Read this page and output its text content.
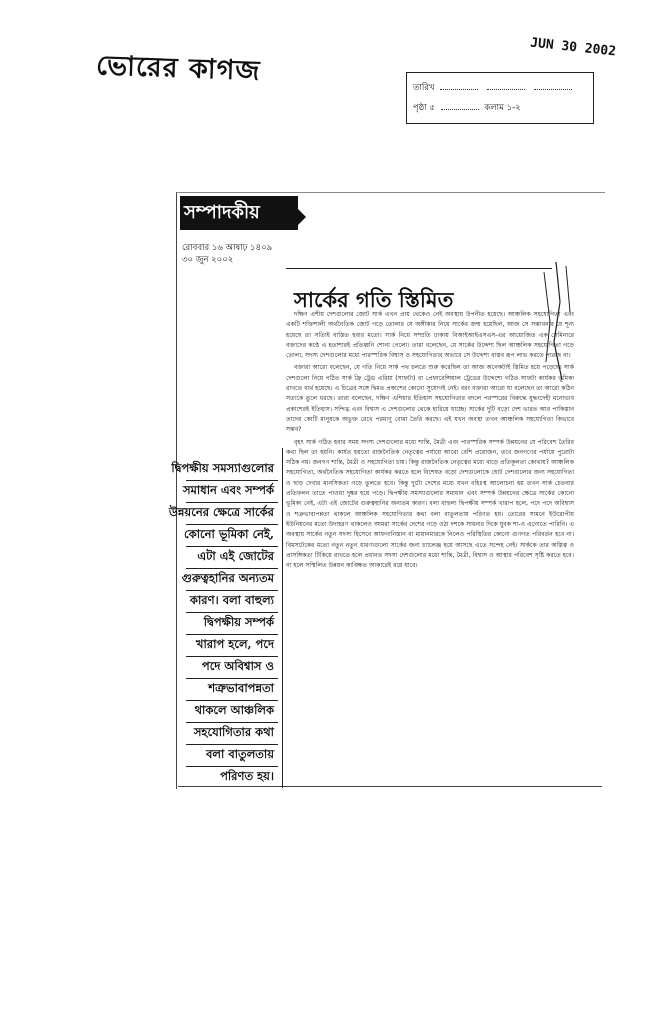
ভোরের কাগজ
JUN 30 2002
তারিখ
পৃষ্ঠা ৫	কলাম ১-২
সম্পাদকীয়
রোববার ১৬ আষাঢ় ১৪০৯
৩০ জুন ২০০২
সার্কের গতি স্তিমিত

দক্ষিণ এশীয় দেশগুলোর জোট সার্ক এখন প্রায় থেকেও নেই অবস্থায় উপনীত হয়েছে। আঞ্চলিক সহযোগিতা এবং একটি শক্তিশালী অর্থনৈতিক জোট গড়ে তোলার যে অঙ্গীকার নিয়ে সার্কের জন্ম হয়েছিল, আজ সে সম্ভাবনার যে শূন্য হয়েছে তা সত্যিই বাস্তিত হবার মতো। সার্ক নিয়ে সম্প্রতি ঢাকায় বিআইআইএসএস-এর আয়োজিত এক সেমিনারে বক্তাদের কণ্ঠে এ হতাশারই প্রতিধ্বনি শোনা গেলো। তারা বলেছেন, যে সার্কের উদ্দেশ্য ছিল আঞ্চলিক সহযোগিতা গড়ে তোলা, সদস্য দেশগুলোর মধ্যে পারস্পরিক বিশ্বাস ও সহযোগিতার অভাবে সে উদ্দেশ্য বাস্তব রূপ লাভ করতে পারছে না।

বক্তারা আরো বলেছেন, যে গতি নিয়ে সার্ক পথ চলতে শুরু করেছিল তা আজ অনেকটাই স্তিমিত হয়ে পড়েছে। সার্ক দেশগুলো নিয়ে গঠিত সার্ক ফ্রি ট্রেড এরিয়া (সাফটা) বা প্রেফারেন্সিয়াল ট্রেডের উদ্দেশ্যে গঠিত সাফটা কার্যকর ভূমিকা রাখতে ব্যর্থ হয়েছে। এ চিত্রের সঙ্গে দ্বিমত প্রকাশের কোনো সুযোগই নেই। বরং বক্তারা আরো যা বলেছেন তা আরো কঠিন সত্যকে তুলে ধরছে। তারা বলেছেন, দক্ষিণ এশিয়ার ইতিহাস সহযোগিতার বদলে পরস্পরের বিরুদ্ধে যুদ্ধংদেহী মনোভাব প্রকাশেরই ইতিহাস। সন্দিগ্ধ এবং বিশ্বাস এ দেশগুলোর থেকে হারিয়ে যাচ্ছে। সার্কের দুটি বড়ো দেশ ভারত আর পাকিস্তান তাদের কোটি মানুষকে অভুক্ত রেখে পরমাণু বোমা তৈরি করছে। এই যখন অবস্থা তখন আঞ্চলিক সহযোগিতা কিভাবে সম্ভব?

বৃহৎ সার্ক গঠিত হবার সময় সদস্য দেশগুলোর মধ্যে শান্তি, মৈত্রী এবং পারস্পরিক সম্পর্ক উন্নয়নের যে পরিবেশ তৈরির কথা ছিল তা হয়নি। কার্যত হয়তো রাজনৈতিক নেতৃত্বের পর্যায়ে আরো বেশি প্রয়োজন, তবে জনগণের পর্যায়ে পুরোটা সঠিক নয়। জনগণ শান্তি, মৈত্রী ও সহযোগিতা চায়। কিন্তু রাজনৈতিক নেতৃত্বের মধ্যে বাড়ে প্রতিকূলতা কোথায়? আঞ্চলিক সহযোগিতা, অর্থনৈতিক সহযোগিতা কার্যকর করতে হলে বিশেষত বড়ো দেশগুলোকে ছোট দেশগুলোর জন্য সহযোগিতা ও ছাড় দেবার মানসিকতা গড়ে তুলতে হবে। কিন্তু দুটো দেশের মধ্যে যখন বহিঃস্থ আলোচনা হয় তখন সার্ক চেতনার প্রতিফলন তাতে পাওয়া দুষ্কর হয়ে পড়ে। দ্বিপক্ষীয় সমস্যাগুলোর সমাধান এবং সম্পর্ক উন্নয়নের ক্ষেত্রে সার্কের কোনো ভূমিকা নেই, এটা এই জোটের গুরুত্বহানির অন্যতম কারণ। বলা বাহুল্য দ্বিপক্ষীয় সম্পর্ক খারাপ হলে, পদে পদে অবিশ্বাস ও শত্রুভাবাপন্নতা থাকলে আঞ্চলিক সহযোগিতার কথা বলা বাতুলতায় পরিণত হয়। তোরের সামনে ইউরোপীয় ইউনিয়নের মতো উদাহরণ থাকলেও আমরা সার্কের দেশের গড়ে ওঠা দশকে সাধনার দিকে যুবক শা-ও এগোতে পারিনি। এ অবস্থায় সার্কের নতুন সদস্য হিসেবে আফগানিস্তান বা মায়ানমারকে নিলেও পরিস্থিতির কোনো গুণগত পরিবর্তন হবে না। বিমসটেকের মতো নতুন নতুন ধারণাগুলো সার্কের জন্য চ্যালেঞ্জ হয়ে আসছে এতে সন্দেহ নেই। সার্ককে তার অস্তিত্ব ও প্রাসঙ্গিকতা টিকিয়ে রাখতে হলে প্রধানত সদস্য দেশগুলোর মধ্যে শান্তি, মৈত্রী, বিশ্বাস ও আস্থার পরিবেশ সৃষ্টি করতে হবে। না হলে সম্মিলিত উন্নয়ন কাঙ্ক্ষিত আকারেই রয়ে যাবে।

দ্বিপক্ষীয় সমস্যাগুলোর
সমাধান এবং সম্পর্ক
উন্নয়নের ক্ষেত্রে সার্কের
কোনো ভূমিকা নেই,
এটা এই জোটের
গুরুত্বহানির অন্যতম
কারণ। বলা বাহুল্য
দ্বিপক্ষীয় সম্পর্ক
খারাপ হলে, পদে
পদে অবিশ্বাস ও
শত্রুভাবাপন্নতা
থাকলে আঞ্চলিক
সহযোগিতার কথা
বলা বাতুলতায়
পরিণত হয়।
